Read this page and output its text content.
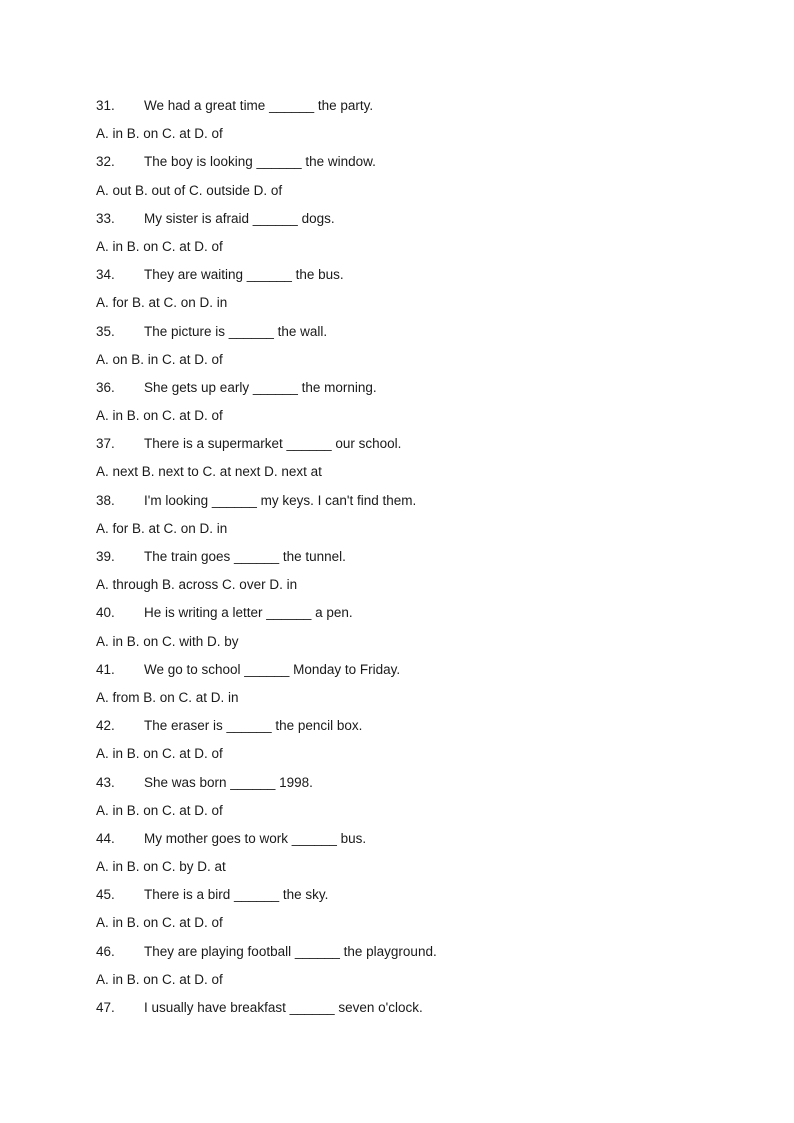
31. We had a great time ______ the party.
A. in B. on C. at D. of
32. The boy is looking ______ the window.
A. out B. out of C. outside D. of
33. My sister is afraid ______ dogs.
A. in B. on C. at D. of
34. They are waiting ______ the bus.
A. for B. at C. on D. in
35. The picture is ______ the wall.
A. on B. in C. at D. of
36. She gets up early ______ the morning.
A. in B. on C. at D. of
37. There is a supermarket ______ our school.
A. next B. next to C. at next D. next at
38. I'm looking ______ my keys. I can't find them.
A. for B. at C. on D. in
39. The train goes ______ the tunnel.
A. through B. across C. over D. in
40. He is writing a letter ______ a pen.
A. in B. on C. with D. by
41. We go to school ______ Monday to Friday.
A. from B. on C. at D. in
42. The eraser is ______ the pencil box.
A. in B. on C. at D. of
43. She was born ______ 1998.
A. in B. on C. at D. of
44. My mother goes to work ______ bus.
A. in B. on C. by D. at
45. There is a bird ______ the sky.
A. in B. on C. at D. of
46. They are playing football ______ the playground.
A. in B. on C. at D. of
47. I usually have breakfast ______ seven o'clock.
